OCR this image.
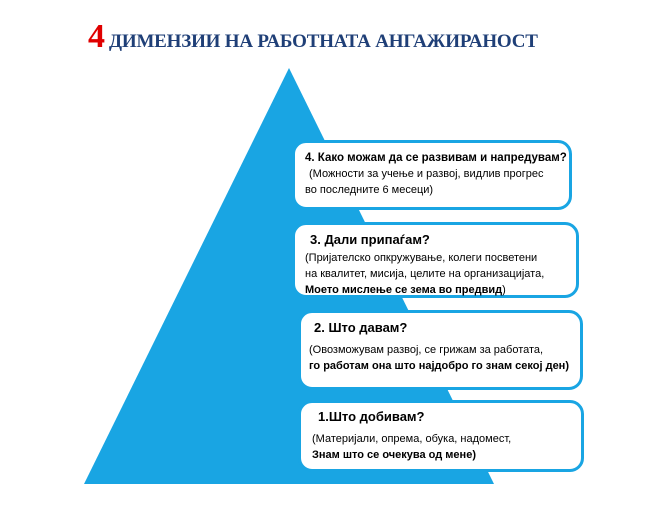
4 ДИМЕНЗИИ НА РАБОТНАТА АНГАЖИРАНОСТ
4. Како можам да се развивам и напредувам?
(Можности за учење и развој, видлив прогрес
во последните 6 месеци)
3. Дали припаѓам?
(Пријателско опкружување, колеги посветени
на квалитет, мисија, целите на организацијата,
Моето мислење се зема во предвид)
2. Што давам?
(Овозможувам развој, се грижам за работата,
го работам она што најдобро го знам секој ден)
1.Што добивам?
(Материјали, опрема, обука, надомест,
Знам што се очекува од мене)
